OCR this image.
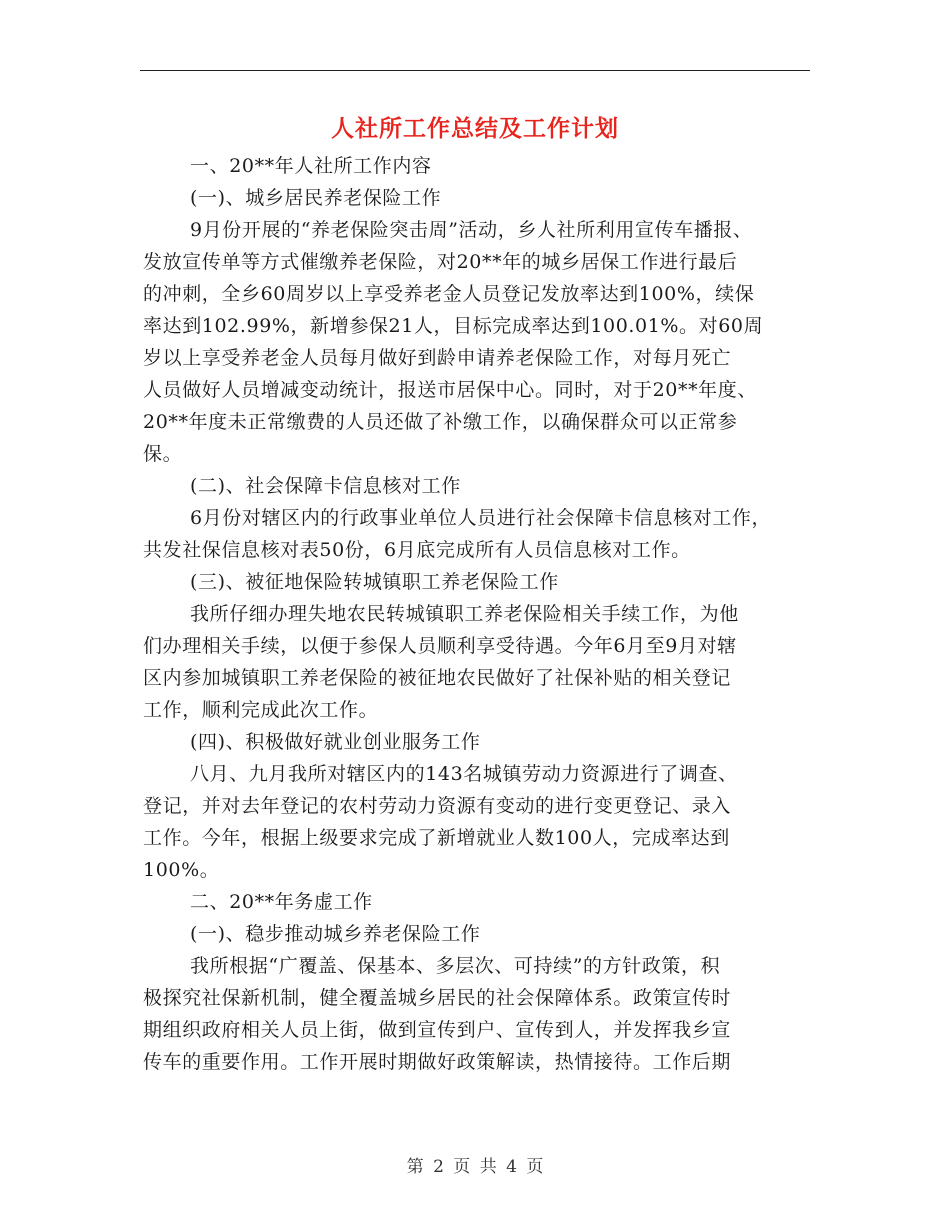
人社所工作总结及工作计划
一、20**年人社所工作内容
(一)、城乡居民养老保险工作
9月份开展的“养老保险突击周”活动，乡人社所利用宣传车播报、
发放宣传单等方式催缴养老保险，对20**年的城乡居保工作进行最后
的冲刺，全乡60周岁以上享受养老金人员登记发放率达到100%，续保
率达到102.99%，新增参保21人，目标完成率达到100.01%。对60周
岁以上享受养老金人员每月做好到龄申请养老保险工作，对每月死亡
人员做好人员增减变动统计，报送市居保中心。同时，对于20**年度、
20**年度未正常缴费的人员还做了补缴工作，以确保群众可以正常参
保。
(二)、社会保障卡信息核对工作
6月份对辖区内的行政事业单位人员进行社会保障卡信息核对工作，
共发社保信息核对表50份，6月底完成所有人员信息核对工作。
(三)、被征地保险转城镇职工养老保险工作
我所仔细办理失地农民转城镇职工养老保险相关手续工作，为他
们办理相关手续，以便于参保人员顺利享受待遇。今年6月至9月对辖
区内参加城镇职工养老保险的被征地农民做好了社保补贴的相关登记
工作，顺利完成此次工作。
(四)、积极做好就业创业服务工作
八月、九月我所对辖区内的143名城镇劳动力资源进行了调查、
登记，并对去年登记的农村劳动力资源有变动的进行变更登记、录入
工作。今年，根据上级要求完成了新增就业人数100人，完成率达到
100%。
二、20**年务虚工作
(一)、稳步推动城乡养老保险工作
我所根据“广覆盖、保基本、多层次、可持续”的方针政策，积
极探究社保新机制，健全覆盖城乡居民的社会保障体系。政策宣传时
期组织政府相关人员上街，做到宣传到户、宣传到人，并发挥我乡宣
传车的重要作用。工作开展时期做好政策解读，热情接待。工作后期
第 2 页 共 4 页
